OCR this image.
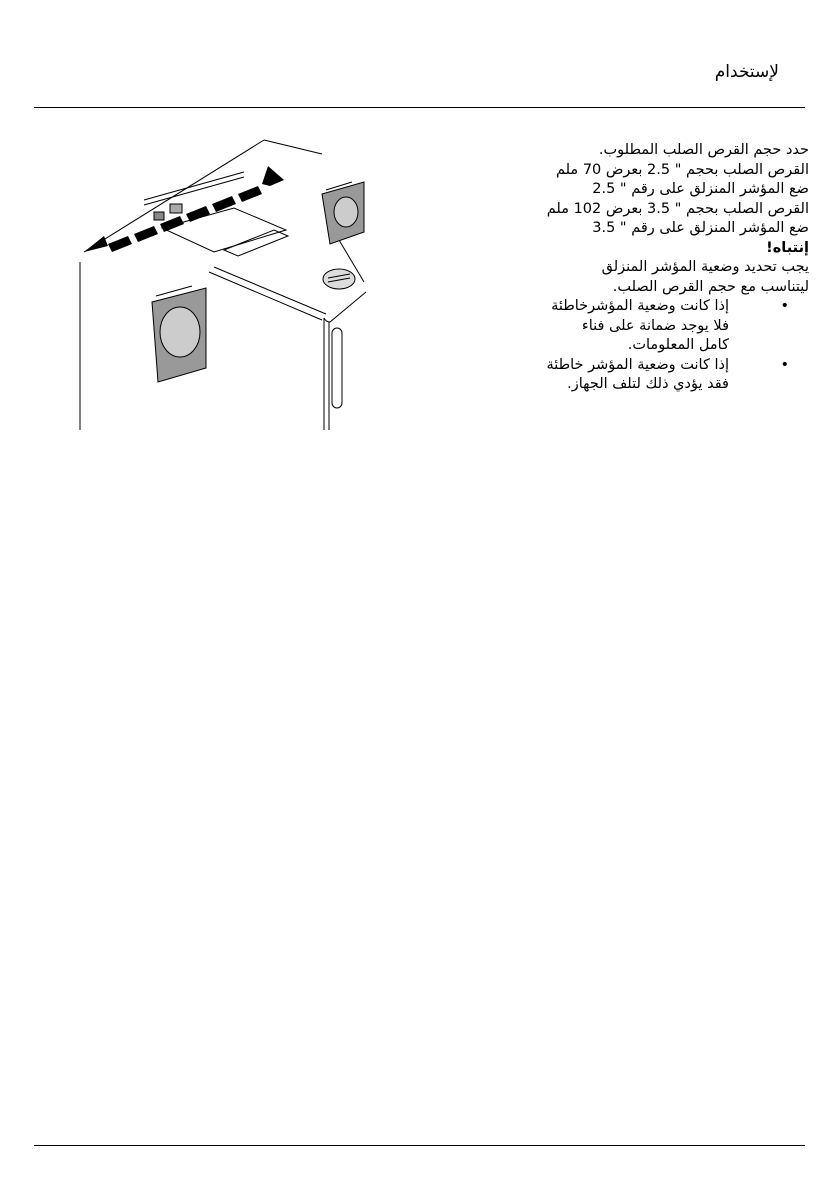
لإستخدام

حدد حجم القرص الصلب المطلوب.

القرص الصلب بحجم " 2.5 بعرض 70 ملم

ضع المؤشر المنزلق على رقم " 2.5

القرص الصلب بحجم " 3.5 بعرض 102 ملم

ضع المؤشر المنزلق على رقم " 3.5

إنتباه!

يجب تحديد وضعية المؤشر المنزلق

ليتناسب مع حجم القرص الصلب.

•

إذا كانت وضعية المؤشرخاطئة

فلا يوجد ضمانة على فناء

كامل المعلومات.

•

إذا كانت وضعية المؤشر خاطئة

فقد يؤدي ذلك لتلف الجهاز.
